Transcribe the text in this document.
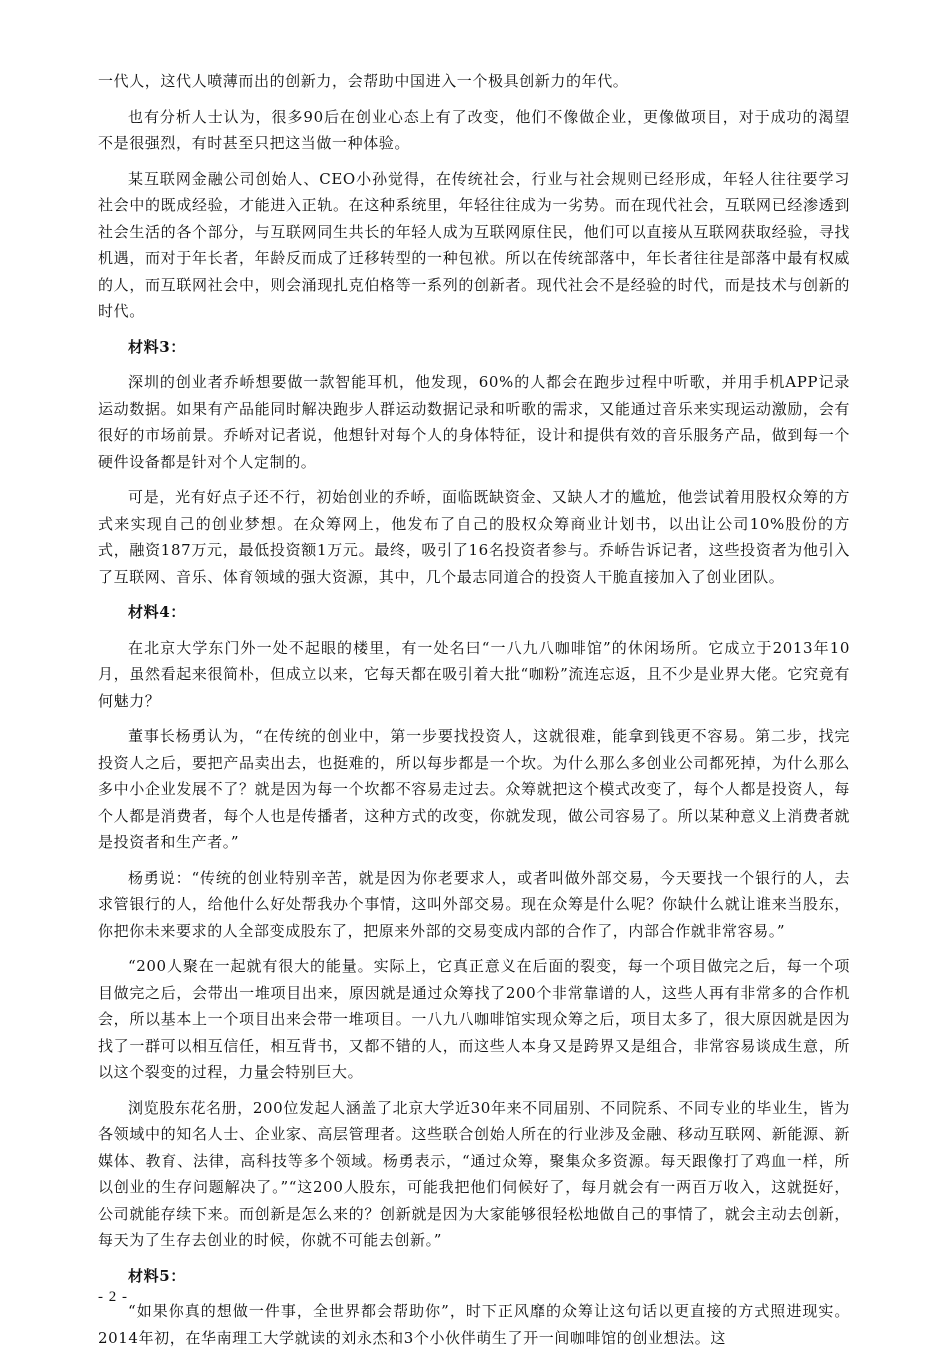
一代人，这代人喷薄而出的创新力，会帮助中国进入一个极具创新力的年代。

也有分析人士认为，很多90后在创业心态上有了改变，他们不像做企业，更像做项目，对于成功的渴望不是很强烈，有时甚至只把这当做一种体验。

某互联网金融公司创始人、CEO小孙觉得，在传统社会，行业与社会规则已经形成，年轻人往往要学习社会中的既成经验，才能进入正轨。在这种系统里，年轻往往成为一劣势。而在现代社会，互联网已经渗透到社会生活的各个部分，与互联网同生共长的年轻人成为互联网原住民，他们可以直接从互联网获取经验，寻找机遇，而对于年长者，年龄反而成了迁移转型的一种包袱。所以在传统部落中，年长者往往是部落中最有权威的人，而互联网社会中，则会涌现扎克伯格等一系列的创新者。现代社会不是经验的时代，而是技术与创新的时代。

材料3：

深圳的创业者乔峤想要做一款智能耳机，他发现，60%的人都会在跑步过程中听歌，并用手机APP记录运动数据。如果有产品能同时解决跑步人群运动数据记录和听歌的需求，又能通过音乐来实现运动激励，会有很好的市场前景。乔峤对记者说，他想针对每个人的身体特征，设计和提供有效的音乐服务产品，做到每一个硬件设备都是针对个人定制的。

可是，光有好点子还不行，初始创业的乔峤，面临既缺资金、又缺人才的尴尬，他尝试着用股权众筹的方式来实现自己的创业梦想。在众筹网上，他发布了自己的股权众筹商业计划书，以出让公司10%股份的方式，融资187万元，最低投资额1万元。最终，吸引了16名投资者参与。乔峤告诉记者，这些投资者为他引入了互联网、音乐、体育领域的强大资源，其中，几个最志同道合的投资人干脆直接加入了创业团队。

材料4：

在北京大学东门外一处不起眼的楼里，有一处名曰“一八九八咖啡馆”的休闲场所。它成立于2013年10月，虽然看起来很简朴，但成立以来，它每天都在吸引着大批“咖粉”流连忘返，且不少是业界大佬。它究竟有何魅力？

董事长杨勇认为，“在传统的创业中，第一步要找投资人，这就很难，能拿到钱更不容易。第二步，找完投资人之后，要把产品卖出去，也挺难的，所以每步都是一个坎。为什么那么多创业公司都死掉，为什么那么多中小企业发展不了？就是因为每一个坎都不容易走过去。众筹就把这个模式改变了，每个人都是投资人，每个人都是消费者，每个人也是传播者，这种方式的改变，你就发现，做公司容易了。所以某种意义上消费者就是投资者和生产者。”

杨勇说：“传统的创业特别辛苦，就是因为你老要求人，或者叫做外部交易，今天要找一个银行的人，去求管银行的人，给他什么好处帮我办个事情，这叫外部交易。现在众筹是什么呢？你缺什么就让谁来当股东，你把你未来要求的人全部变成股东了，把原来外部的交易变成内部的合作了，内部合作就非常容易。”

“200人聚在一起就有很大的能量。实际上，它真正意义在后面的裂变，每一个项目做完之后，每一个项目做完之后，会带出一堆项目出来，原因就是通过众筹找了200个非常靠谱的人，这些人再有非常多的合作机会，所以基本上一个项目出来会带一堆项目。一八九八咖啡馆实现众筹之后，项目太多了，很大原因就是因为找了一群可以相互信任，相互背书，又都不错的人，而这些人本身又是跨界又是组合，非常容易谈成生意，所以这个裂变的过程，力量会特别巨大。

浏览股东花名册，200位发起人涵盖了北京大学近30年来不同届别、不同院系、不同专业的毕业生，皆为各领域中的知名人士、企业家、高层管理者。这些联合创始人所在的行业涉及金融、移动互联网、新能源、新媒体、教育、法律，高科技等多个领域。杨勇表示，“通过众筹，聚集众多资源。每天跟像打了鸡血一样，所以创业的生存问题解决了。”“这200人股东，可能我把他们伺候好了，每月就会有一两百万收入，这就挺好，公司就能存续下来。而创新是怎么来的？创新就是因为大家能够很轻松地做自己的事情了，就会主动去创新，每天为了生存去创业的时候，你就不可能去创新。”

材料5：

“如果你真的想做一件事，全世界都会帮助你”，时下正风靡的众筹让这句话以更直接的方式照进现实。2014年初，在华南理工大学就读的刘永杰和3个小伙伴萌生了开一间咖啡馆的创业想法。这

- 2 -
